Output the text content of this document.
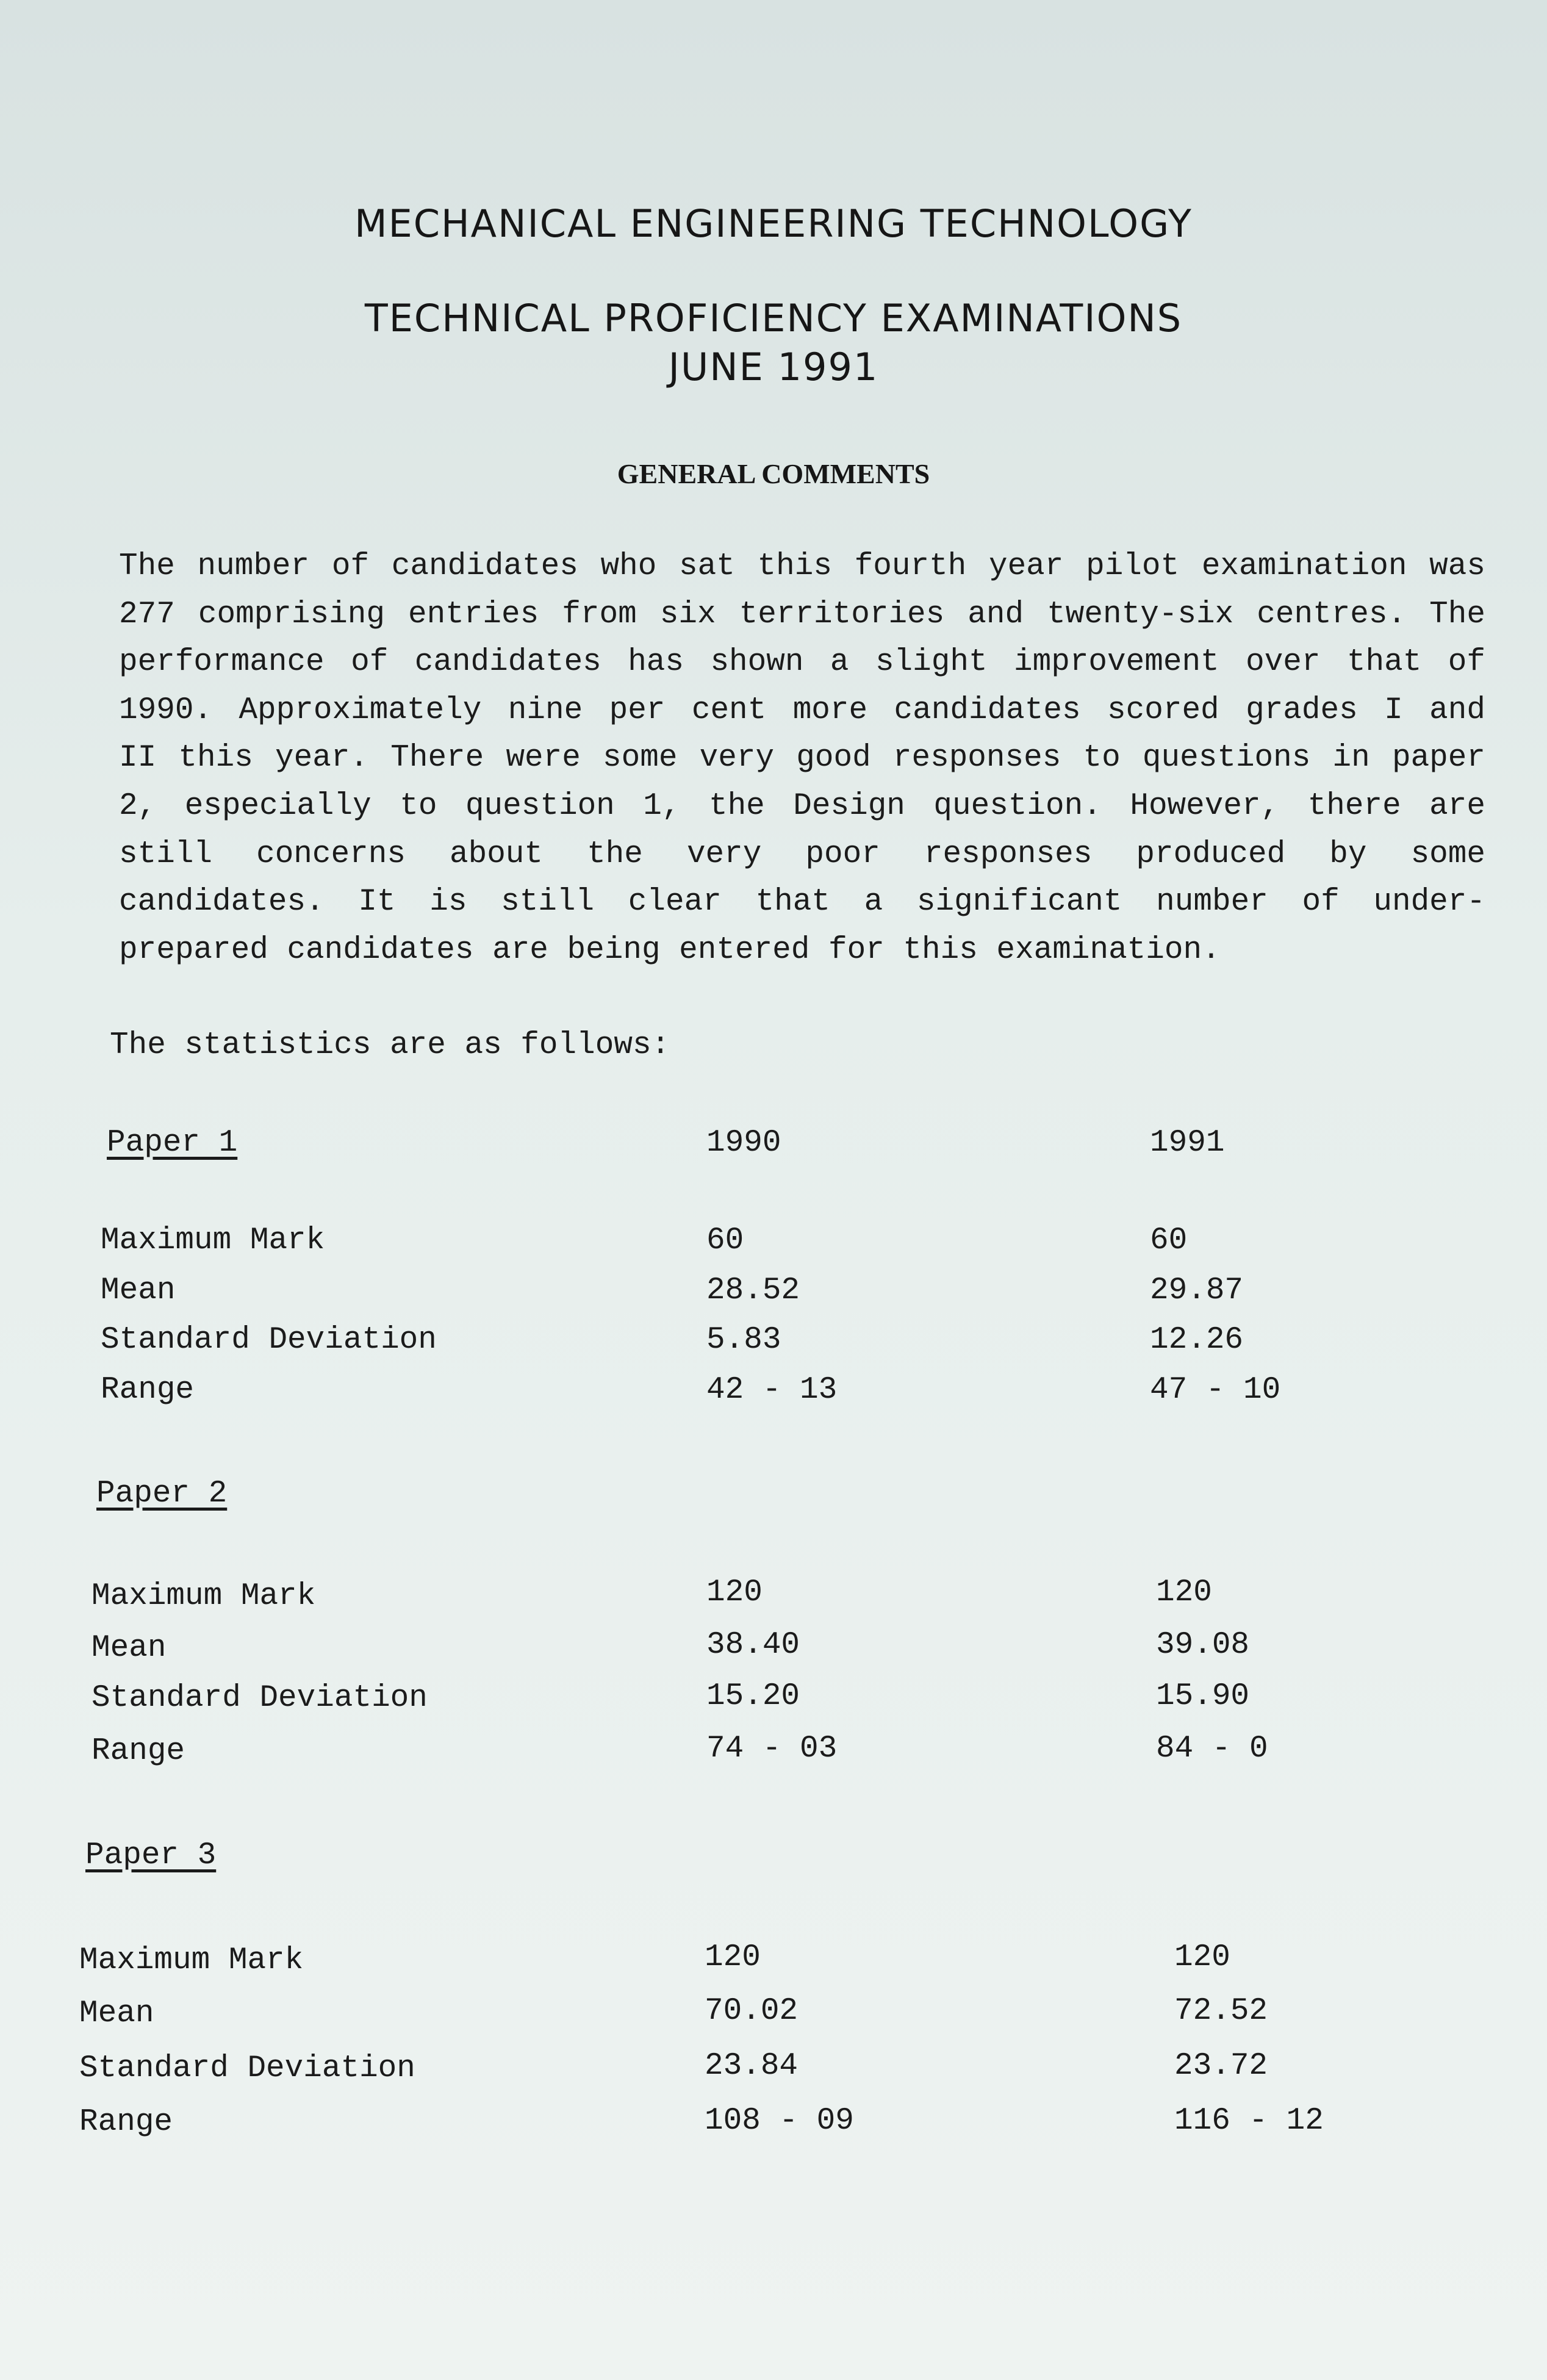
MECHANICAL ENGINEERING TECHNOLOGY
TECHNICAL PROFICIENCY EXAMINATIONS
JUNE 1991
GENERAL COMMENTS
The number of candidates who sat this fourth year pilot examination was
277 comprising entries from six territories and twenty-six centres. The
performance of candidates has shown a slight improvement over that of
1990. Approximately nine per cent more candidates scored grades I and
II this year. There were some very good responses to questions in paper
2, especially to question 1, the Design question. However, there are
still concerns about the very poor responses produced by some
candidates. It is still clear that a significant number of under-
prepared candidates are being entered for this examination.
The statistics are as follows:
Paper 1	1990	1991
Maximum Mark	60	60
Mean	28.52	29.87
Standard Deviation	5.83	12.26
Range	42 - 13	47 - 10
Paper 2
Maximum Mark	120	120
Mean	38.40	39.08
Standard Deviation	15.20	15.90
Range	74 - 03	84 - 0
Paper 3
Maximum Mark	120	120
Mean	70.02	72.52
Standard Deviation	23.84	23.72
Range	108 - 09	116 - 12
